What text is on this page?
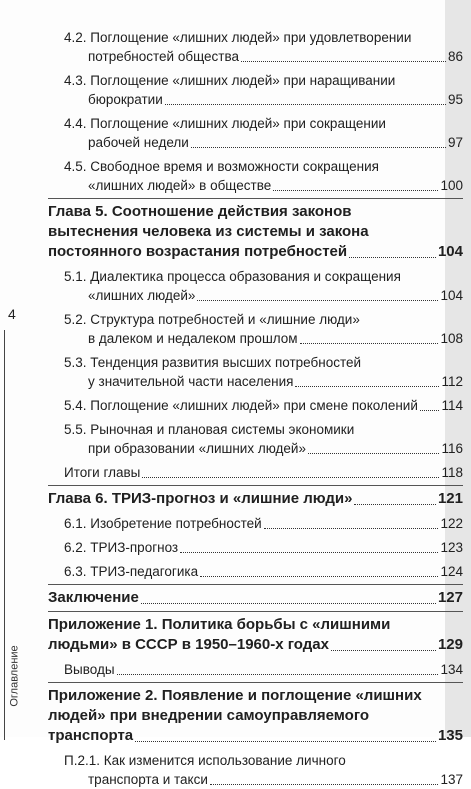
4
Оглавление
4.2. Поглощение «лишних людей» при удовлетворении
потребностей общества	86
4.3. Поглощение «лишних людей» при наращивании
бюрократии	95
4.4. Поглощение «лишних людей» при сокращении
рабочей недели	97
4.5. Свободное время и возможности сокращения
«лишних людей» в обществе	100
Глава 5. Соотношение действия законов
вытеснения человека из системы и закона
постоянного возрастания потребностей	104
5.1. Диалектика процесса образования и сокращения
«лишних людей»	104
5.2. Структура потребностей и «лишние люди»
в далеком и недалеком прошлом	108
5.3. Тенденция развития высших потребностей
у значительной части населения	112
5.4. Поглощение «лишних людей» при смене поколений 114
5.5. Рыночная и плановая системы экономики
при образовании «лишних людей»	116
Итоги главы	118
Глава 6. ТРИЗ-прогноз и «лишние люди»	121
6.1. Изобретение потребностей	122
6.2. ТРИЗ-прогноз	123
6.3. ТРИЗ-педагогика	124
Заключение	127
Приложение 1. Политика борьбы с «лишними
людьми» в СССР в 1950–1960-х годах	129
Выводы	134
Приложение 2. Появление и поглощение «лишних
людей» при внедрении самоуправляемого
транспорта	135
П.2.1. Как изменится использование личного
транспорта и такси	137
